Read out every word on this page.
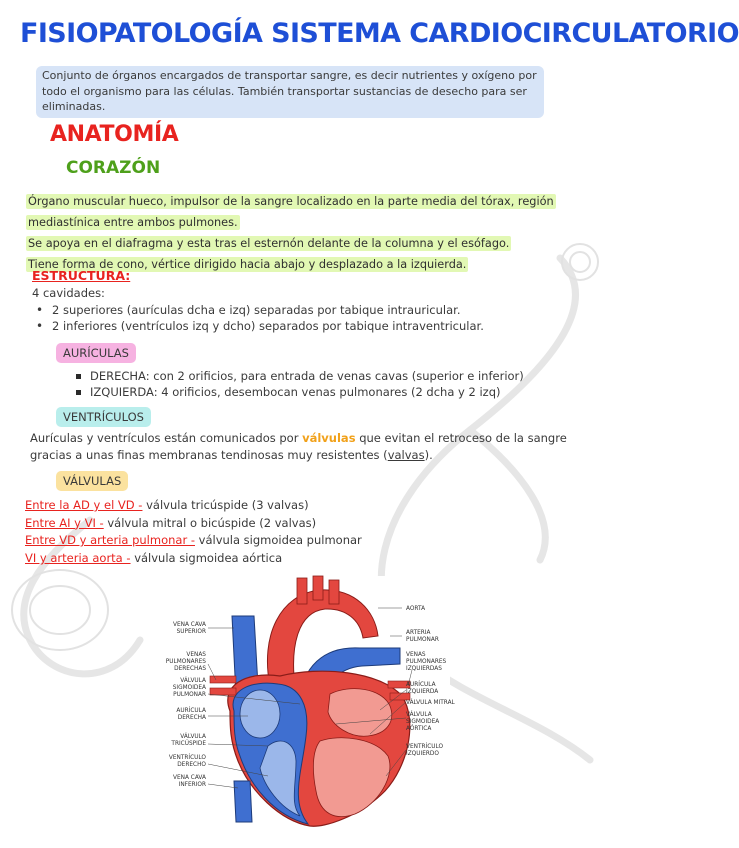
FISIOPATOLOGÍA SISTEMA CARDIOCIRCULATORIO
Conjunto de órganos encargados de transportar sangre, es decir nutrientes y oxígeno por todo el organismo para las células. También transportar sustancias de desecho para ser eliminadas.
ANATOMÍA
CORAZÓN

Órgano muscular hueco, impulsor de la sangre localizado en la parte media del tórax, región mediastínica entre ambos pulmones.

Se apoya en el diafragma y esta tras el esternón delante de la columna y el esófago.

Tiene forma de cono, vértice dirigido hacia abajo y desplazado a la izquierda.

ESTRUCTURA:
4 cavidades:
• 2 superiores (aurículas dcha e izq) separadas por tabique intrauricular.
• 2 inferiores (ventrículos izq y dcho) separados por tabique intraventricular.
AURÍCULAS
DERECHA: con 2 orificios, para entrada de venas cavas (superior e inferior)
IZQUIERDA: 4 orificios, desembocan venas pulmonares (2 dcha y 2 izq)
VENTRÍCULOS
Aurículas y ventrículos están comunicados por válvulas que evitan el retroceso de la sangre gracias a unas finas membranas tendinosas muy resistentes (valvas).
VÁLVULAS
Entre la AD y el VD - válvula tricúspide (3 valvas)
Entre AI y VI - válvula mitral o bicúspide (2 valvas)
Entre VD y arteria pulmonar - válvula sigmoidea pulmonar
VI y arteria aorta - válvula sigmoidea aórtica
VENA CAVA
SUPERIOR
VENAS
PULMONARES
DERECHAS
VÁLVULA
SIGMOIDEA
PULMONAR
AURÍCULA
DERECHA
VÁLVULA
TRICÚSPIDE
VENTRÍCULO
DERECHO
VENA CAVA
INFERIOR
AORTA
ARTERIA
PULMONAR
VENAS
PULMONARES
IZQUIERDAS
AURÍCULA
IZQUIERDA
VÁLVULA MITRAL
VÁLVULA
SIGMOIDEA
AÓRTICA
VENTRÍCULO
IZQUIERDO
